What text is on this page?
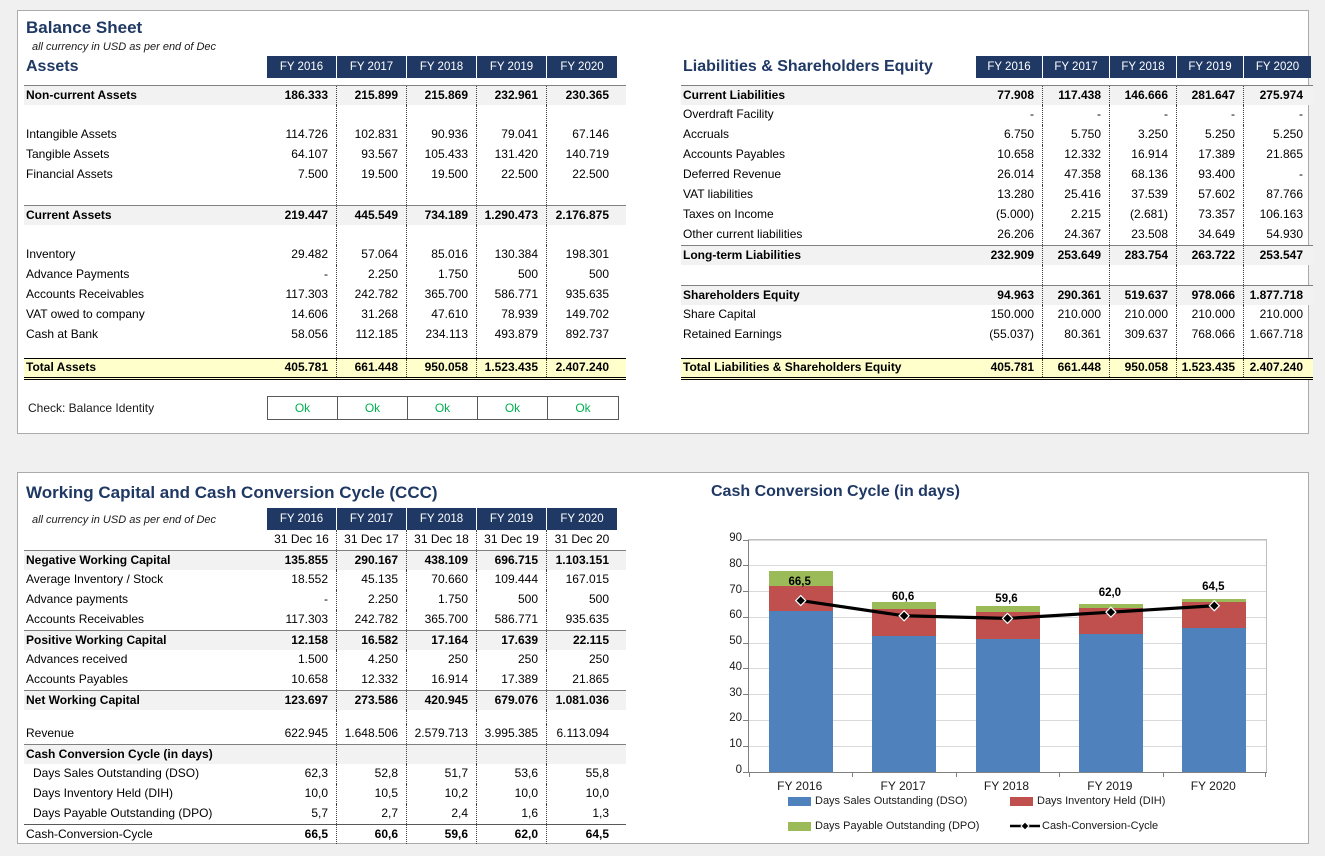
Balance Sheet
all currency in USD as per end of Dec
Assets	FY 2016	FY 2017	FY 2018	FY 2019	FY 2020
Non-current Assets	186.333	215.899	215.869	232.961	230.365
Intangible Assets	114.726	102.831	90.936	79.041	67.146
Tangible Assets	64.107	93.567	105.433	131.420	140.719
Financial Assets	7.500	19.500	19.500	22.500	22.500
Current Assets	219.447	445.549	734.189	1.290.473	2.176.875
Inventory	29.482	57.064	85.016	130.384	198.301
Advance Payments	-	2.250	1.750	500	500
Accounts Receivables	117.303	242.782	365.700	586.771	935.635
VAT owed to company	14.606	31.268	47.610	78.939	149.702
Cash at Bank	58.056	112.185	234.113	493.879	892.737
Total Assets	405.781	661.448	950.058	1.523.435	2.407.240
Check: Balance Identity	Ok	Ok	Ok	Ok	Ok
Liabilities & Shareholders Equity	FY 2016	FY 2017	FY 2018	FY 2019	FY 2020
Current Liabilities	77.908	117.438	146.666	281.647	275.974
Overdraft Facility	-	-	-	-	-
Accruals	6.750	5.750	3.250	5.250	5.250
Accounts Payables	10.658	12.332	16.914	17.389	21.865
Deferred Revenue	26.014	47.358	68.136	93.400	-
VAT liabilities	13.280	25.416	37.539	57.602	87.766
Taxes on Income	(5.000)	2.215	(2.681)	73.357	106.163
Other current liabilities	26.206	24.367	23.508	34.649	54.930
Long-term Liabilities	232.909	253.649	283.754	263.722	253.547
Shareholders Equity	94.963	290.361	519.637	978.066	1.877.718
Share Capital	150.000	210.000	210.000	210.000	210.000
Retained Earnings	(55.037)	80.361	309.637	768.066	1.667.718
Total Liabilities & Shareholders Equity	405.781	661.448	950.058	1.523.435	2.407.240
Working Capital and Cash Conversion Cycle (CCC)
all currency in USD as per end of Dec	FY 2016	FY 2017	FY 2018	FY 2019	FY 2020
31 Dec 16	31 Dec 17	31 Dec 18	31 Dec 19	31 Dec 20
Negative Working Capital	135.855	290.167	438.109	696.715	1.103.151
Average Inventory / Stock	18.552	45.135	70.660	109.444	167.015
Advance payments	-	2.250	1.750	500	500
Accounts Receivables	117.303	242.782	365.700	586.771	935.635
Positive Working Capital	12.158	16.582	17.164	17.639	22.115
Advances received	1.500	4.250	250	250	250
Accounts Payables	10.658	12.332	16.914	17.389	21.865
Net Working Capital	123.697	273.586	420.945	679.076	1.081.036
Revenue	622.945	1.648.506	2.579.713	3.995.385	6.113.094
Cash Conversion Cycle (in days)
Days Sales Outstanding (DSO)	62,3	52,8	51,7	53,6	55,8
Days Inventory Held (DIH)	10,0	10,5	10,2	10,0	10,0
Days Payable Outstanding (DPO)	5,7	2,7	2,4	1,6	1,3
Cash-Conversion-Cycle	66,5	60,6	59,6	62,0	64,5
Cash Conversion Cycle (in days)
0
10
20
30
40
50
60
70
80
90
FY 2016	FY 2017	FY 2018	FY 2019	FY 2020
66,5
60,6	59,6
62,0
64,5
Days Sales Outstanding (DSO)	Days Inventory Held (DIH)
Days Payable Outstanding (DPO)	Cash-Conversion-Cycle
